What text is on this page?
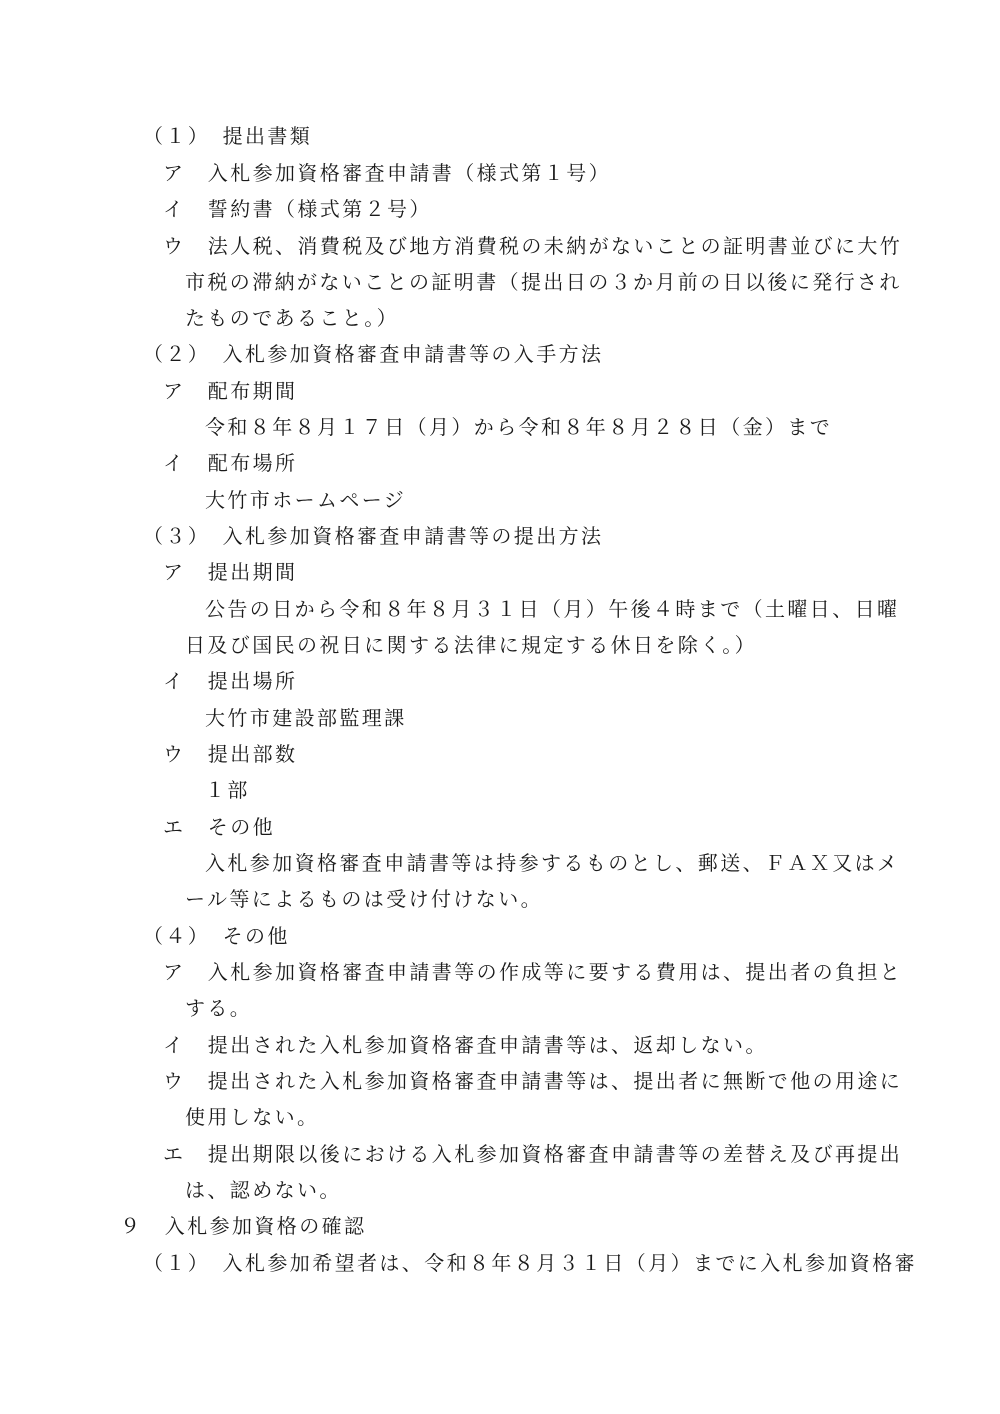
（１）　提出書類
ア　入札参加資格審査申請書（様式第１号）
イ　誓約書（様式第２号）
ウ　法人税、消費税及び地方消費税の未納がないことの証明書並びに大竹
市税の滞納がないことの証明書（提出日の３か月前の日以後に発行され
たものであること。）
（２）　入札参加資格審査申請書等の入手方法
ア　配布期間
令和８年８月１７日（月）から令和８年８月２８日（金）まで
イ　配布場所
大竹市ホームページ
（３）　入札参加資格審査申請書等の提出方法
ア　提出期間
公告の日から令和８年８月３１日（月）午後４時まで（土曜日、日曜
日及び国民の祝日に関する法律に規定する休日を除く。）
イ　提出場所
大竹市建設部監理課
ウ　提出部数
１部
エ　その他
入札参加資格審査申請書等は持参するものとし、郵送、ＦＡＸ又はメ
ール等によるものは受け付けない。
（４）　その他
ア　入札参加資格審査申請書等の作成等に要する費用は、提出者の負担と
する。
イ　提出された入札参加資格審査申請書等は、返却しない。
ウ　提出された入札参加資格審査申請書等は、提出者に無断で他の用途に
使用しない。
エ　提出期限以後における入札参加資格審査申請書等の差替え及び再提出
は、認めない。
９　入札参加資格の確認
（１）　入札参加希望者は、令和８年８月３１日（月）までに入札参加資格審
